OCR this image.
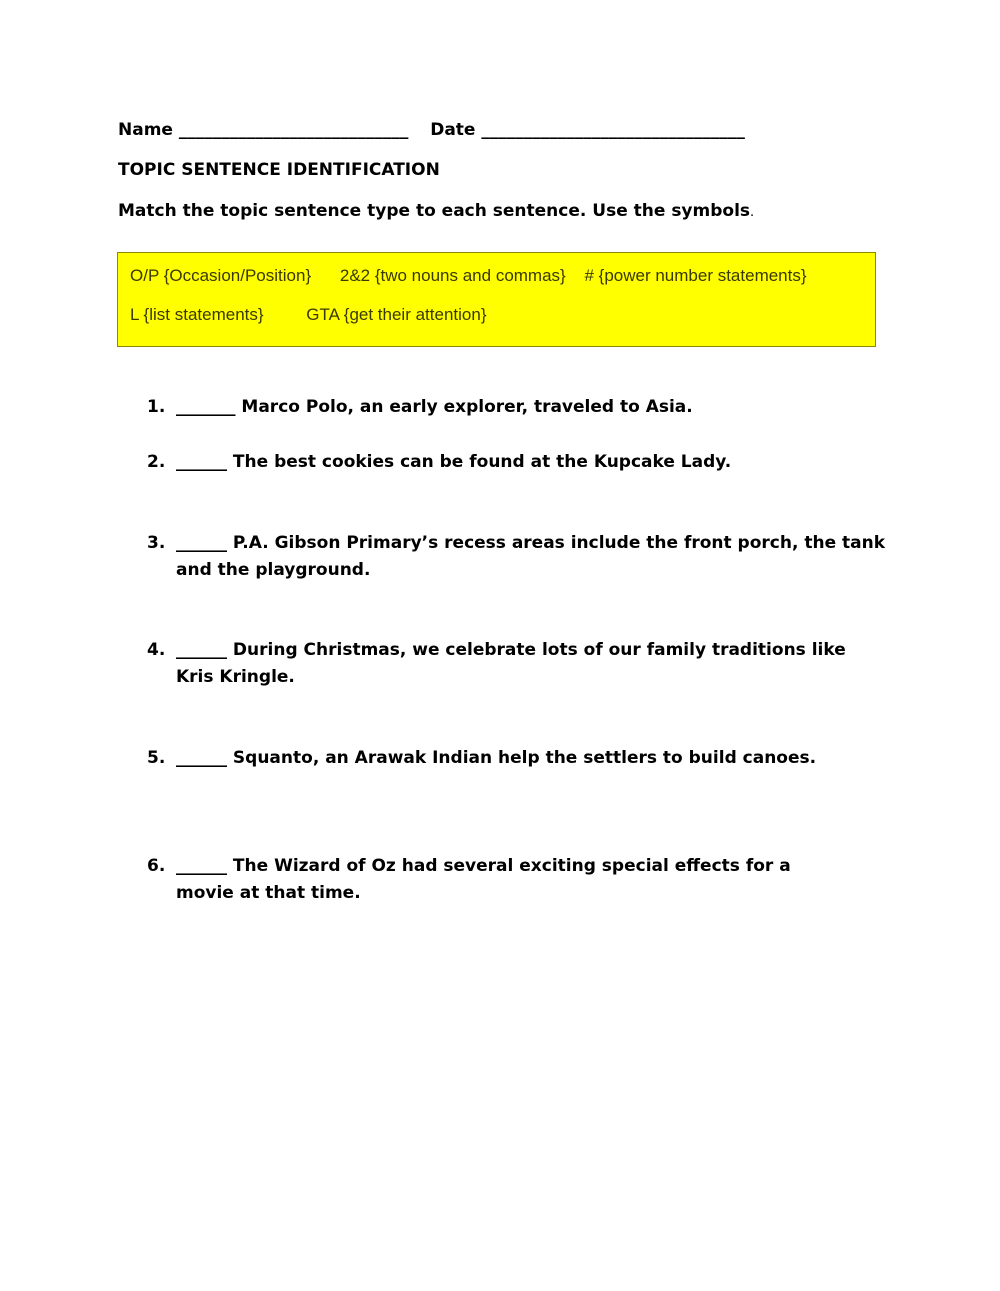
Name ___________________________ Date _______________________________
TOPIC SENTENCE IDENTIFICATION
Match the topic sentence type to each sentence. Use the symbols.
O/P {Occasion/Position} 2&2 {two nouns and commas} # {power number statements}
L {list statements}	GTA {get their attention}
1. _______ Marco Polo, an early explorer, traveled to Asia.
2. ______ The best cookies can be found at the Kupcake Lady.
3. ______ P.A. Gibson Primary’s recess areas include the front porch, the tank and the playground.
4. ______ During Christmas, we celebrate lots of our family traditions like Kris Kringle.
5. ______ Squanto, an Arawak Indian help the settlers to build canoes.
6. ______ The Wizard of Oz had several exciting special effects for a movie at that time.
